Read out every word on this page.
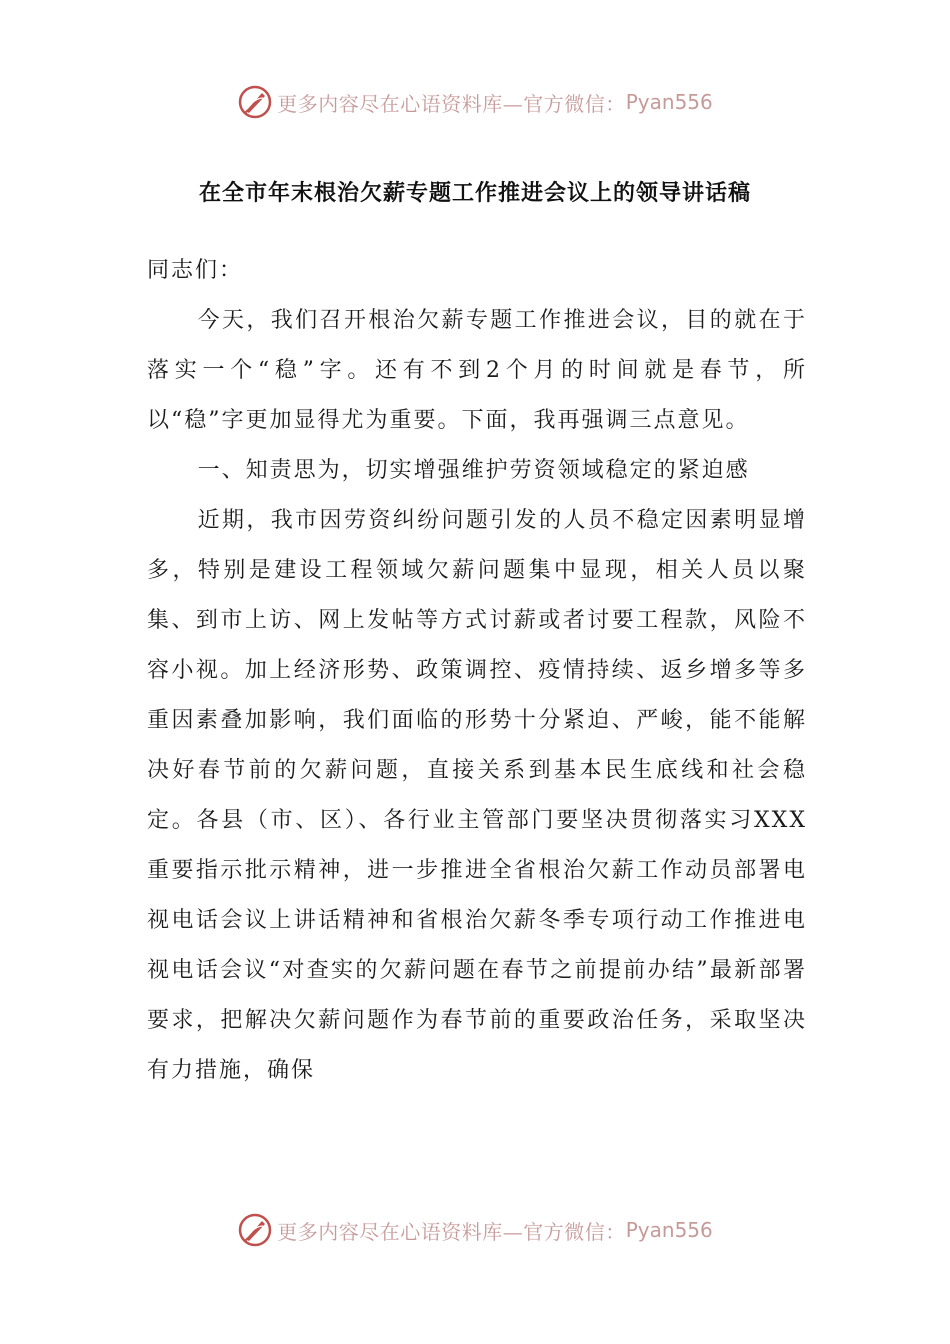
更多内容尽在心语资料库—官方微信： Pyan556
在全市年末根治欠薪专题工作推进会议上的领导讲话稿

同志们：

今天，我们召开根治欠薪专题工作推进会议，目的就在于落实一个“稳”字。还有不到2个月的时间就是春节，所以“稳”字更加显得尤为重要。下面，我再强调三点意见。

一、知责思为，切实增强维护劳资领域稳定的紧迫感

近期，我市因劳资纠纷问题引发的人员不稳定因素明显增多，特别是建设工程领域欠薪问题集中显现，相关人员以聚集、到市上访、网上发帖等方式讨薪或者讨要工程款，风险不容小视。加上经济形势、政策调控、疫情持续、返乡增多等多重因素叠加影响，我们面临的形势十分紧迫、严峻，能不能解决好春节前的欠薪问题，直接关系到基本民生底线和社会稳定。各县（市、区）、各行业主管部门要坚决贯彻落实习XXX重要指示批示精神，进一步推进全省根治欠薪工作动员部署电视电话会议上讲话精神和省根治欠薪冬季专项行动工作推进电视电话会议“对查实的欠薪问题在春节之前提前办结”最新部署要求，把解决欠薪问题作为春节前的重要政治任务，采取坚决有力措施，确保

更多内容尽在心语资料库—官方微信： Pyan556
